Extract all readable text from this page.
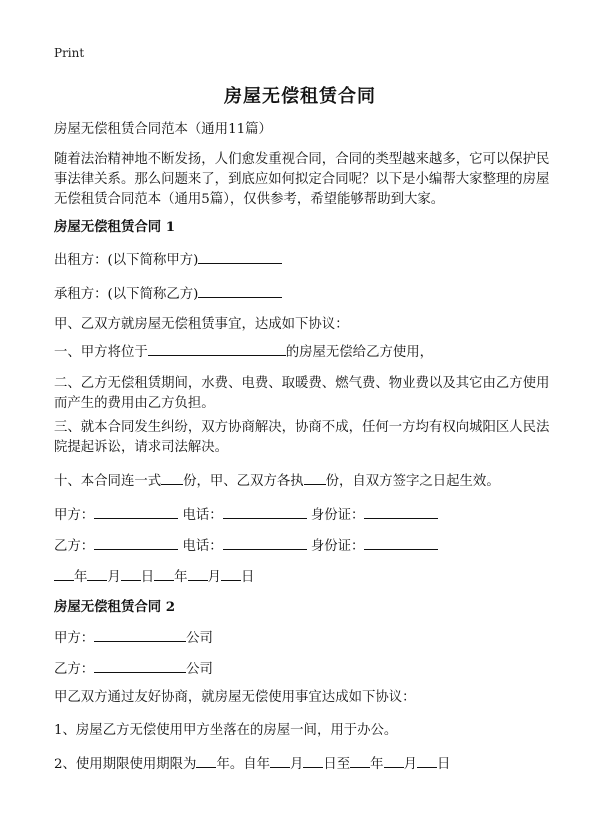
Print
房屋无偿租赁合同
房屋无偿租赁合同范本（通用11篇）
随着法治精神地不断发扬，人们愈发重视合同，合同的类型越来越多，它可以保护民事法律关系。那么问题来了，到底应如何拟定合同呢？以下是小编帮大家整理的房屋无偿租赁合同范本（通用5篇），仅供参考，希望能够帮助到大家。
房屋无偿租赁合同 1
出租方：(以下简称甲方)
承租方：(以下简称乙方)
甲、乙双方就房屋无偿租赁事宜，达成如下协议：
一、甲方将位于	的房屋无偿给乙方使用，
二、乙方无偿租赁期间，水费、电费、取暖费、燃气费、物业费以及其它由乙方使用而产生的费用由乙方负担。
三、就本合同发生纠纷，双方协商解决，协商不成，任何一方均有权向城阳区人民法院提起诉讼，请求司法解决。
十、本合同连一式 份，甲、乙双方各执 份，自双方签字之日起生效。
甲方：	电话：	身份证：
乙方：	电话：	身份证：
年 月 日 年 月 日
房屋无偿租赁合同 2
甲方：	公司
乙方：	公司
甲乙双方通过友好协商，就房屋无偿使用事宜达成如下协议：
1、房屋乙方无偿使用甲方坐落在的房屋一间，用于办公。
2、使用期限使用期限为 年。自年 月 日至 年 月 日
